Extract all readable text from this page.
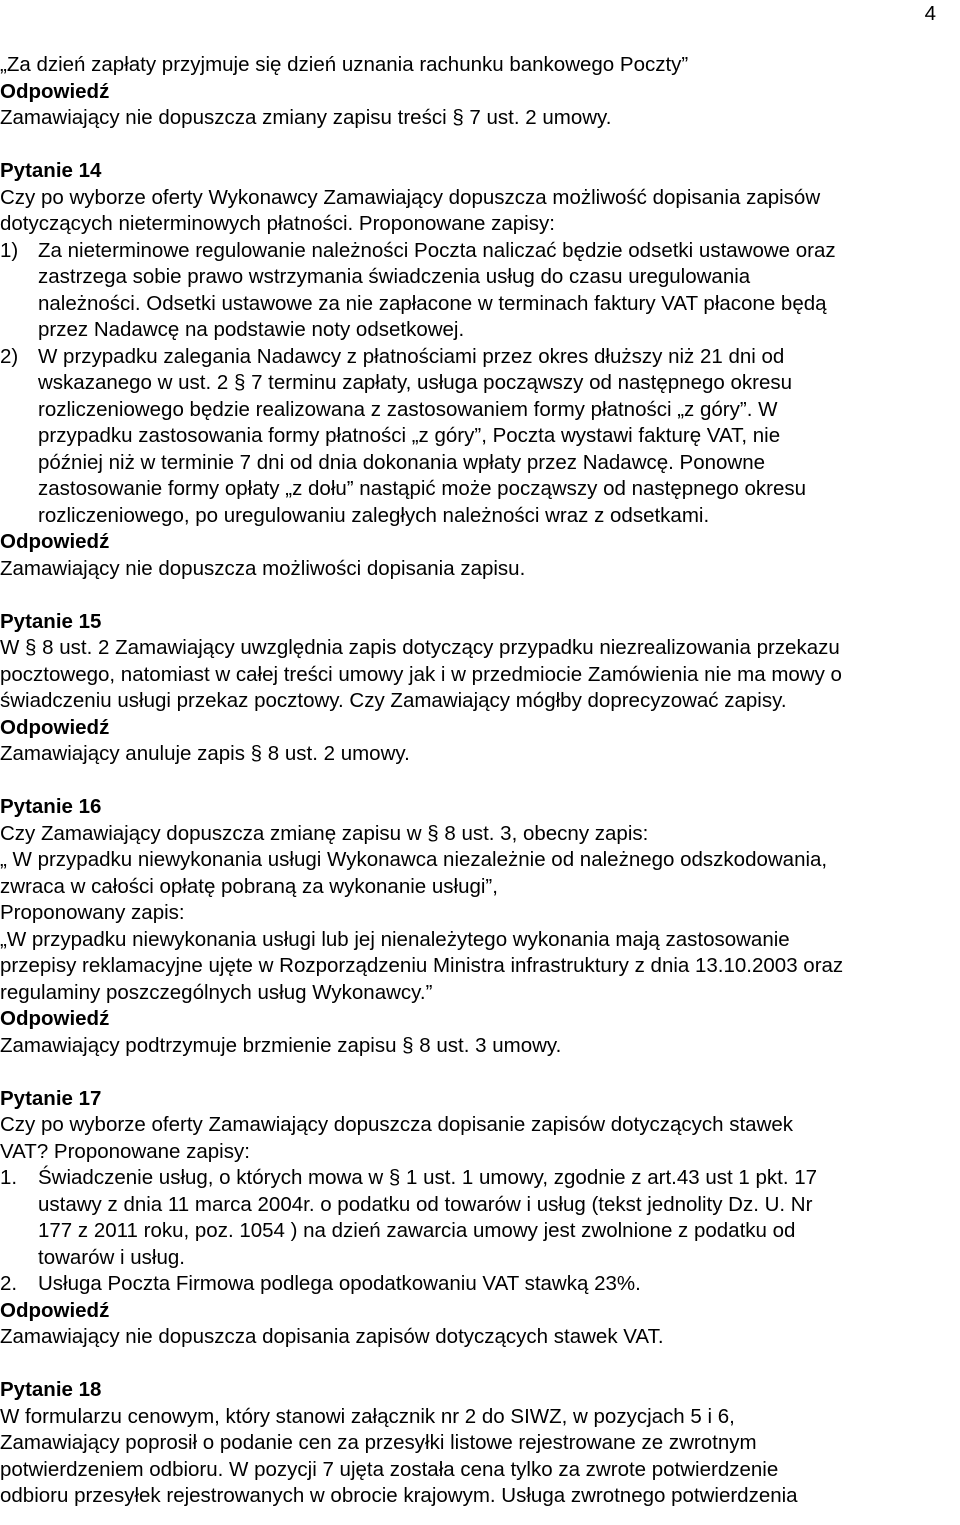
4
„Za dzień zapłaty przyjmuje się dzień uznania rachunku bankowego Poczty”
Odpowiedź
Zamawiający nie dopuszcza zmiany zapisu treści § 7 ust. 2 umowy.
Pytanie 14
Czy po wyborze oferty Wykonawcy Zamawiający dopuszcza możliwość dopisania zapisów
dotyczących nieterminowych płatności. Proponowane zapisy:
1) Za nieterminowe regulowanie należności Poczta naliczać będzie odsetki ustawowe oraz
zastrzega sobie prawo wstrzymania świadczenia usług do czasu uregulowania
należności. Odsetki ustawowe za nie zapłacone w terminach faktury VAT płacone będą
przez Nadawcę na podstawie noty odsetkowej.
2) W przypadku zalegania Nadawcy z płatnościami przez okres dłuższy niż 21 dni od
wskazanego w ust. 2 § 7 terminu zapłaty, usługa począwszy od następnego okresu
rozliczeniowego będzie realizowana z zastosowaniem formy płatności „z góry”. W
przypadku zastosowania formy płatności „z góry”, Poczta wystawi fakturę VAT, nie
później niż w terminie 7 dni od dnia dokonania wpłaty przez Nadawcę. Ponowne
zastosowanie formy opłaty „z dołu” nastąpić może począwszy od następnego okresu
rozliczeniowego, po uregulowaniu zaległych należności wraz z odsetkami.
Odpowiedź
Zamawiający nie dopuszcza możliwości dopisania zapisu.
Pytanie 15
W § 8 ust. 2 Zamawiający uwzględnia zapis dotyczący przypadku niezrealizowania przekazu
pocztowego, natomiast w całej treści umowy jak i w przedmiocie Zamówienia nie ma mowy o
świadczeniu usługi przekaz pocztowy. Czy Zamawiający mógłby doprecyzować zapisy.
Odpowiedź
Zamawiający anuluje zapis § 8 ust. 2 umowy.
Pytanie 16
Czy Zamawiający dopuszcza zmianę zapisu w § 8 ust. 3, obecny zapis:
„ W przypadku niewykonania usługi Wykonawca niezależnie od należnego odszkodowania,
zwraca w całości opłatę pobraną za wykonanie usługi”,
Proponowany zapis:
„W przypadku niewykonania usługi lub jej nienależytego wykonania mają zastosowanie
przepisy reklamacyjne ujęte w Rozporządzeniu Ministra infrastruktury z dnia 13.10.2003 oraz
regulaminy poszczególnych usług Wykonawcy.”
Odpowiedź
Zamawiający podtrzymuje brzmienie zapisu § 8 ust. 3 umowy.
Pytanie 17
Czy po wyborze oferty Zamawiający dopuszcza dopisanie zapisów dotyczących stawek
VAT? Proponowane zapisy:
1. Świadczenie usług, o których mowa w § 1 ust. 1 umowy, zgodnie z art.43 ust 1 pkt. 17
ustawy z dnia 11 marca 2004r. o podatku od towarów i usług (tekst jednolity Dz. U. Nr
177 z 2011 roku, poz. 1054 ) na dzień zawarcia umowy jest zwolnione z podatku od
towarów i usług.
2. Usługa Poczta Firmowa podlega opodatkowaniu VAT stawką 23%.
Odpowiedź
Zamawiający nie dopuszcza dopisania zapisów dotyczących stawek VAT.
Pytanie 18
W formularzu cenowym, który stanowi załącznik nr 2 do SIWZ, w pozycjach 5 i 6,
Zamawiający poprosił o podanie cen za przesyłki listowe rejestrowane ze zwrotnym
potwierdzeniem odbioru. W pozycji 7 ujęta została cena tylko za zwrote potwierdzenie
odbioru przesyłek rejestrowanych w obrocie krajowym. Usługa zwrotnego potwierdzenia
